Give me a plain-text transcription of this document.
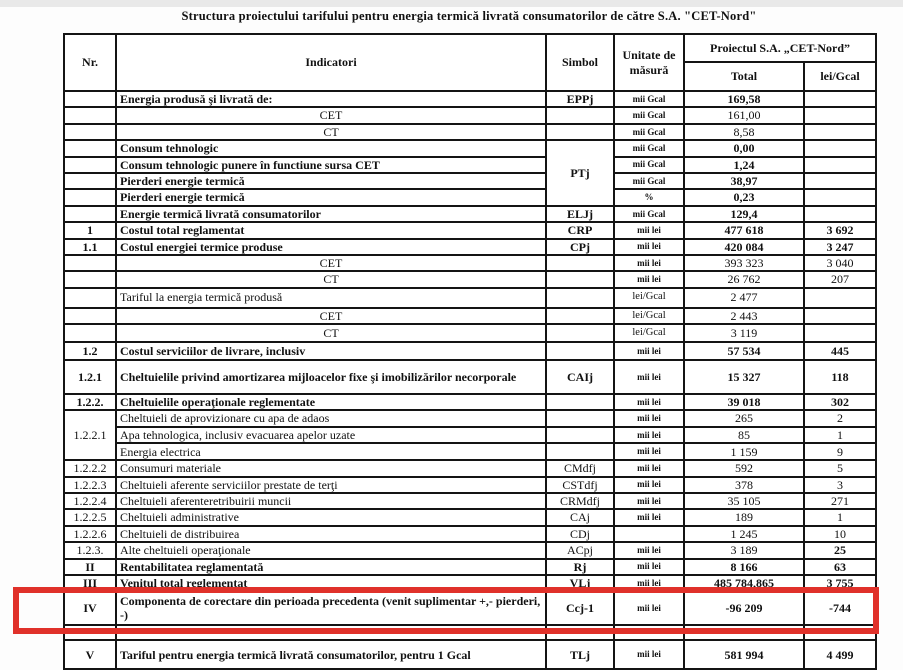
Structura proiectului tarifului pentru energia termică livrată consumatorilor de către S.A. "CET-Nord"
Nr.	Indicatori	Simbol	Unitate de măsură	Proiectul S.A. „CET-Nord”	
				Total	lei/Gcal
	Energia produsă şi livrată de:	EPPj	mii Gcal	169,58	
	CET		mii Gcal	161,00	
	CT		mii Gcal	8,58	
	Consum tehnologic	PTj	mii Gcal	0,00	
	Consum tehnologic punere în functiune sursa CET		mii Gcal	1,24	
	Pierderi energie termică		mii Gcal	38,97	
	Pierderi energie termică		%	0,23	
	Energie termică livrată consumatorilor	ELJj	mii Gcal	129,4	
1	Costul total reglamentat	CRP	mii lei	477 618	3 692
1.1	Costul energiei termice produse	CPj	mii lei	420 084	3 247
	CET		mii lei	393 323	3 040
	CT		mii lei	26 762	207
	Tariful la energia termică produsă		lei/Gcal	2 477	
	CET		lei/Gcal	2 443	
	CT		lei/Gcal	3 119	
1.2	Costul serviciilor de livrare, inclusiv		mii lei	57 534	445
1.2.1	Cheltuielile privind amortizarea mijloacelor fixe şi imobilizărilor necorporale	CAIj	mii lei	15 327	118
1.2.2.	Cheltuielile operaţionale reglementate		mii lei	39 018	302
1.2.2.1	Cheltuieli de aprovizionare cu apa de adaos		mii lei	265	2
	Apa tehnologica, inclusiv evacuarea apelor uzate		mii lei	85	1
	Energia electrica		mii lei	1 159	9
1.2.2.2	Consumuri materiale	CMdfj	mii lei	592	5
1.2.2.3	Cheltuieli aferente serviciilor prestate de terţi	CSTdfj	mii lei	378	3
1.2.2.4	Cheltuieli aferenteretribuirii muncii	CRMdfj	mii lei	35 105	271
1.2.2.5	Cheltuieli administrative	CAj	mii lei	189	1
1.2.2.6	Cheltuieli de distribuirea	CDj		1 245	10
1.2.3.	Alte cheltuieli operaţionale	ACpj	mii lei	3 189	25
II	Rentabilitatea reglamentată	Rj	mii lei	8 166	63
III	Venitul total reglementat	VLj	mii lei	485 784,865	3 755
IV	Componenta de corectare din perioada precedenta (venit suplimentar +,- pierderi, -)	Ccj-1	mii lei	-96 209	-744

V	Tariful pentru energia termică livrată consumatorilor, pentru 1 Gcal	TLj	mii lei	581 994	4 499
